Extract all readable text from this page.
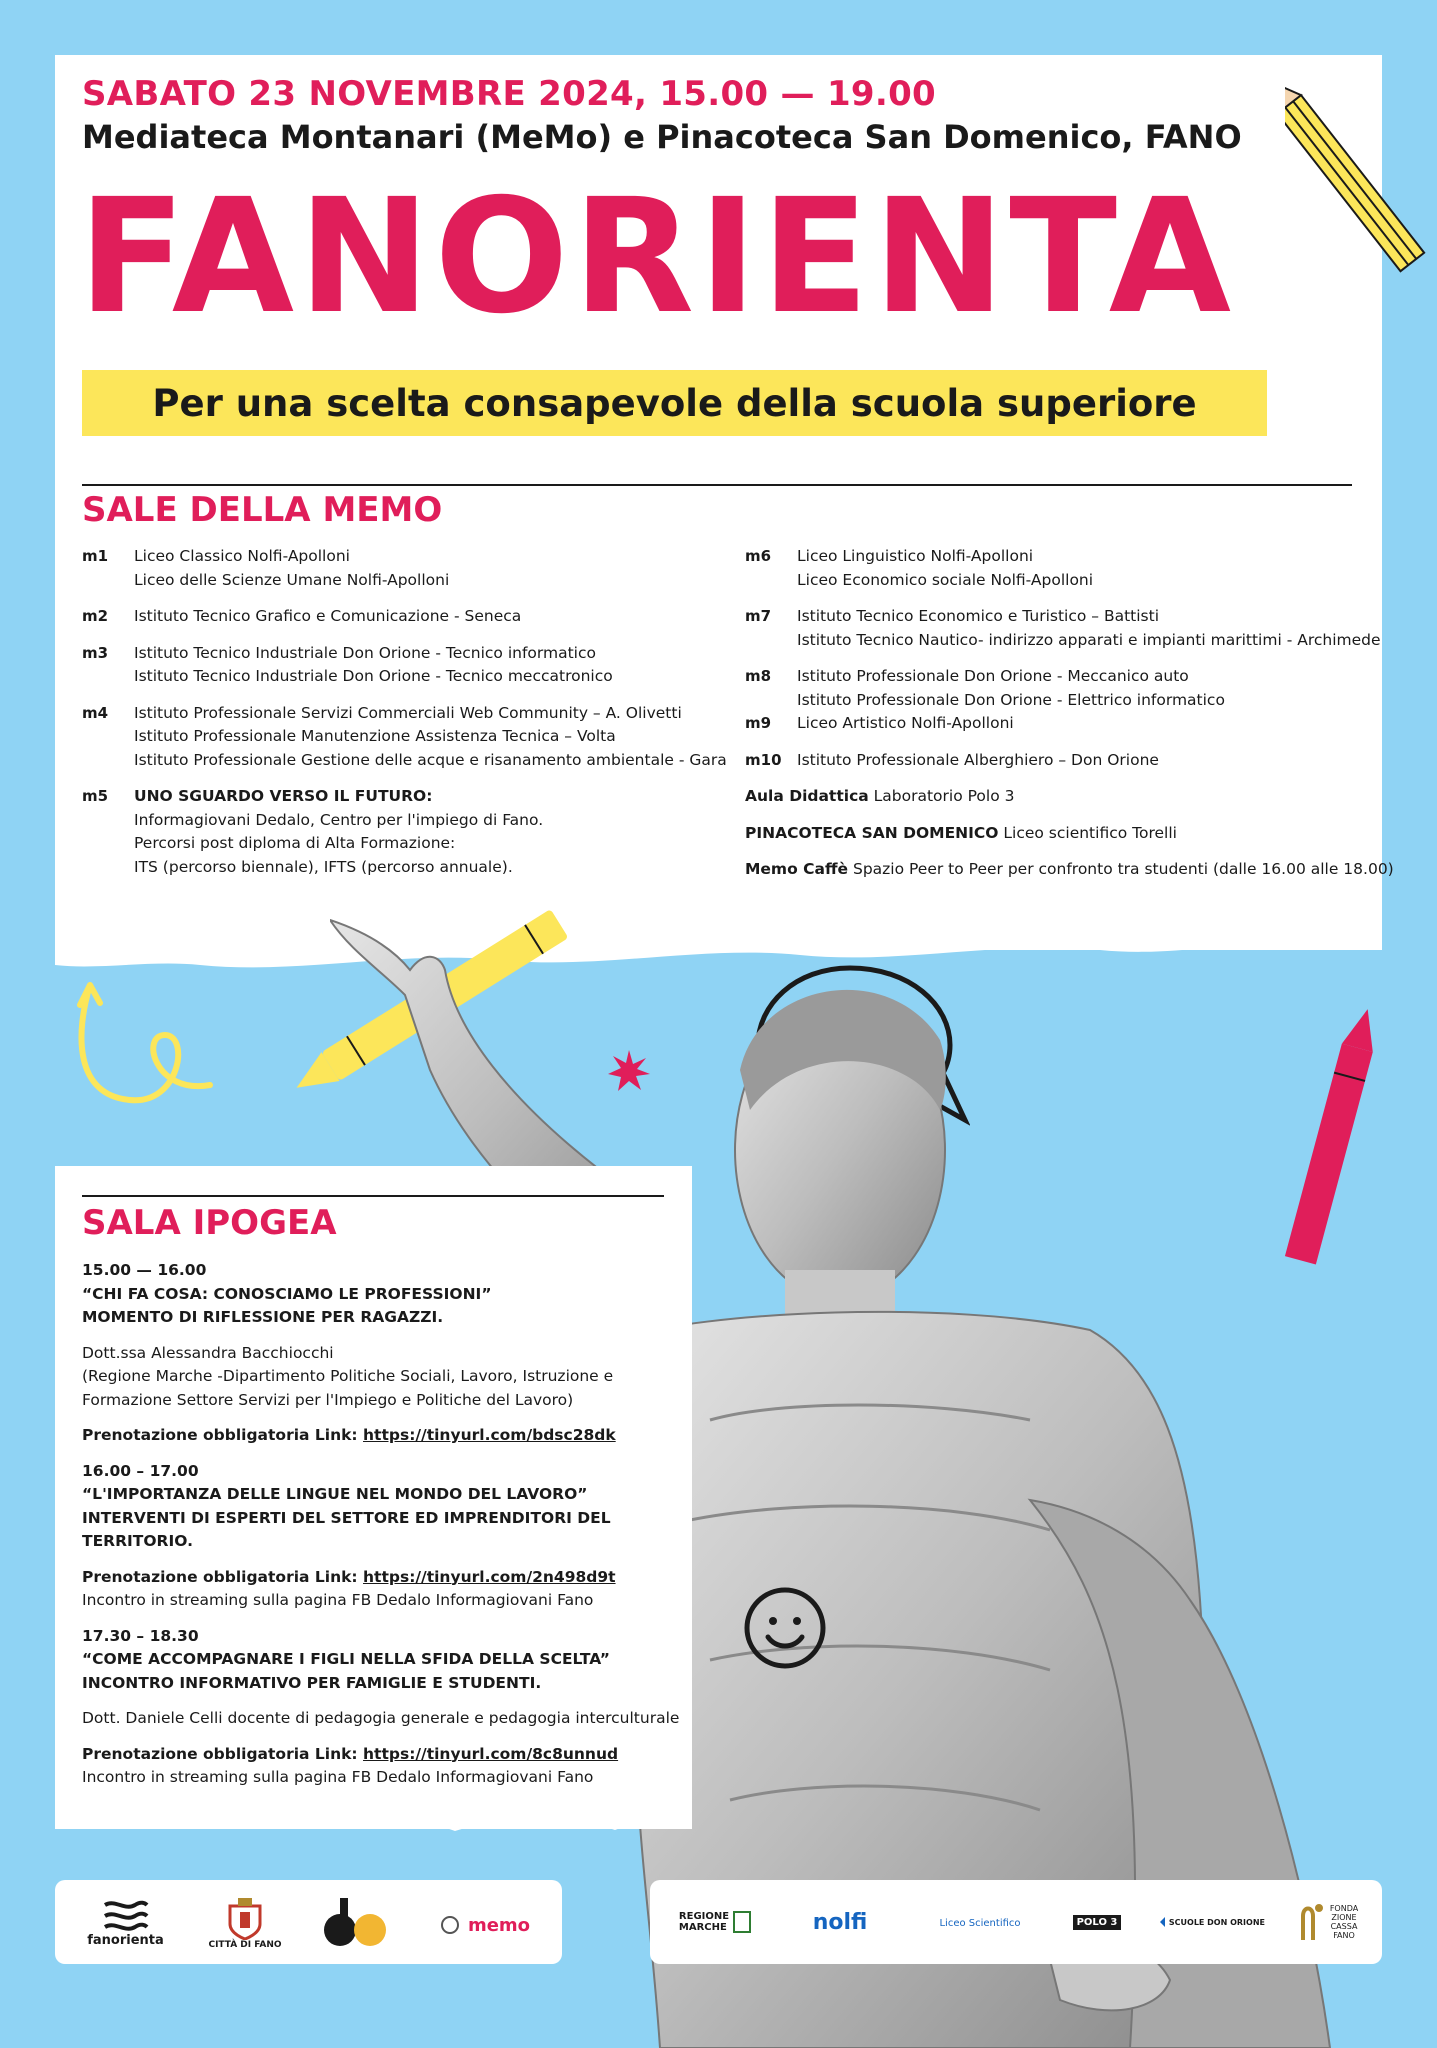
SABATO 23 NOVEMBRE 2024, 15.00 — 19.00
Mediateca Montanari (MeMo) e Pinacoteca San Domenico, FANO
FANORIENTA
Per una scelta consapevole della scuola superiore
SALE DELLA MEMO
m1	Liceo Classico Nolfi-Apolloni
Liceo delle Scienze Umane Nolfi-Apolloni
m2	Istituto Tecnico Grafico e Comunicazione - Seneca
m3	Istituto Tecnico Industriale Don Orione - Tecnico informatico
Istituto Tecnico Industriale Don Orione - Tecnico meccatronico
m4	Istituto Professionale Servizi Commerciali Web Community – A. Olivetti
Istituto Professionale Manutenzione Assistenza Tecnica – Volta
Istituto Professionale Gestione delle acque e risanamento ambientale - Gara
m5	UNO SGUARDO VERSO IL FUTURO:
Informagiovani Dedalo, Centro per l'impiego di Fano.
Percorsi post diploma di Alta Formazione:
ITS (percorso biennale), IFTS (percorso annuale).
m6	Liceo Linguistico Nolfi-Apolloni
Liceo Economico sociale Nolfi-Apolloni
m7	Istituto Tecnico Economico e Turistico – Battisti
Istituto Tecnico Nautico- indirizzo apparati e impianti marittimi - Archimede
m8	Istituto Professionale Don Orione - Meccanico auto
Istituto Professionale Don Orione - Elettrico informatico
m9	Liceo Artistico Nolfi-Apolloni
m10 Istituto Professionale Alberghiero – Don Orione
Aula Didattica Laboratorio Polo 3
PINACOTECA SAN DOMENICO Liceo scientifico Torelli
Memo Caffè Spazio Peer to Peer per confronto tra studenti (dalle 16.00 alle 18.00)
SALA IPOGEA
15.00 — 16.00
“CHI FA COSA: CONOSCIAMO LE PROFESSIONI”
MOMENTO DI RIFLESSIONE PER RAGAZZI.
Dott.ssa Alessandra Bacchiocchi
(Regione Marche -Dipartimento Politiche Sociali, Lavoro, Istruzione e
Formazione Settore Servizi per l'Impiego e Politiche del Lavoro)
Prenotazione obbligatoria Link: https://tinyurl.com/bdsc28dk
16.00 – 17.00
“L'IMPORTANZA DELLE LINGUE NEL MONDO DEL LAVORO”
INTERVENTI DI ESPERTI DEL SETTORE ED IMPRENDITORI DEL TERRITORIO.
Prenotazione obbligatoria Link: https://tinyurl.com/2n498d9t
Incontro in streaming sulla pagina FB Dedalo Informagiovani Fano
17.30 – 18.30
“COME ACCOMPAGNARE I FIGLI NELLA SFIDA DELLA SCELTA”
INCONTRO INFORMATIVO PER FAMIGLIE E STUDENTI.
Dott. Daniele Celli docente di pedagogia generale e pedagogia interculturale
Prenotazione obbligatoria Link: https://tinyurl.com/8c8unnud
Incontro in streaming sulla pagina FB Dedalo Informagiovani Fano
fanorienta	CITTÀ DI FANO
memo	REGIONE
MARCHE	nolfi	Liceo Scientifico	POLO 3	SCUOLE DON ORIONE
FONDA ZIONE CASSA FANO
